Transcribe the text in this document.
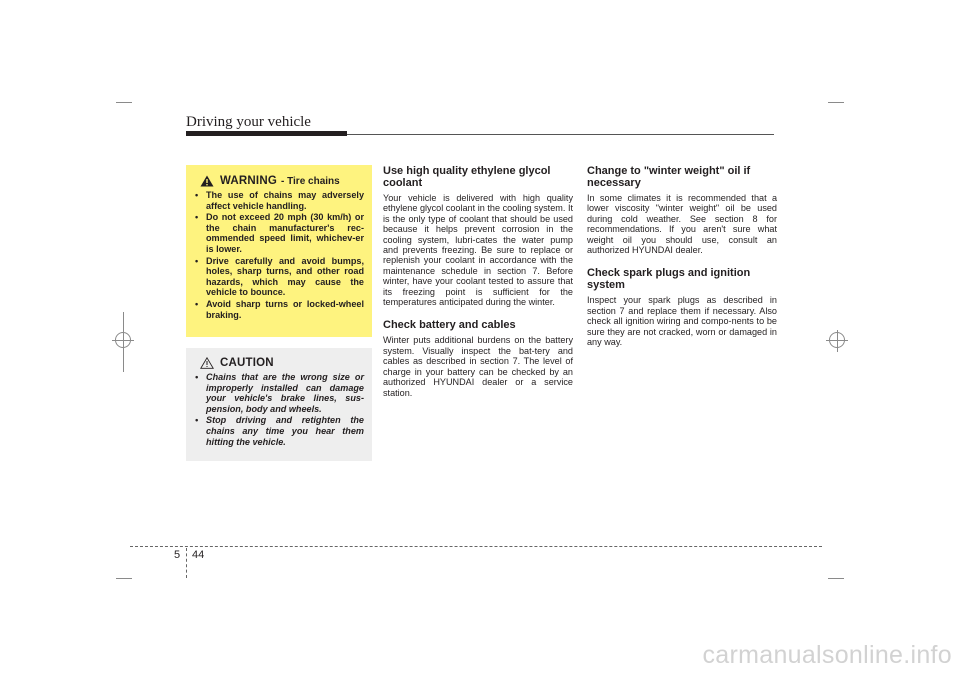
Driving your vehicle
WARNING - Tire chains
• The use of chains may adversely affect vehicle handling.
• Do not exceed 20 mph (30 km/h) or the chain manufacturer's rec-ommended speed limit, whichev-er is lower.
• Drive carefully and avoid bumps, holes, sharp turns, and other road hazards, which may cause the vehicle to bounce.
• Avoid sharp turns or locked-wheel braking.
CAUTION
• Chains that are the wrong size or improperly installed can damage your vehicle's brake lines, sus-pension, body and wheels.
• Stop driving and retighten the chains any time you hear them hitting the vehicle.
Use high quality ethylene glycol coolant

Your vehicle is delivered with high quality ethylene glycol coolant in the cooling system. It is the only type of coolant that should be used because it helps prevent corrosion in the cooling system, lubri-cates the water pump and prevents freezing. Be sure to replace or replenish your coolant in accordance with the maintenance schedule in section 7. Before winter, have your coolant tested to assure that its freezing point is sufficient for the temperatures anticipated during the winter.

Check battery and cables

Winter puts additional burdens on the battery system. Visually inspect the bat-tery and cables as described in section 7. The level of charge in your battery can be checked by an authorized HYUNDAI dealer or a service station.

Change to "winter weight" oil if necessary

In some climates it is recommended that a lower viscosity "winter weight" oil be used during cold weather. See section 8 for recommendations. If you aren't sure what weight oil you should use, consult an authorized HYUNDAI dealer.

Check spark plugs and ignition system

Inspect your spark plugs as described in section 7 and replace them if necessary. Also check all ignition wiring and compo-nents to be sure they are not cracked, worn or damaged in any way.

5 44
carmanualsonline.info
